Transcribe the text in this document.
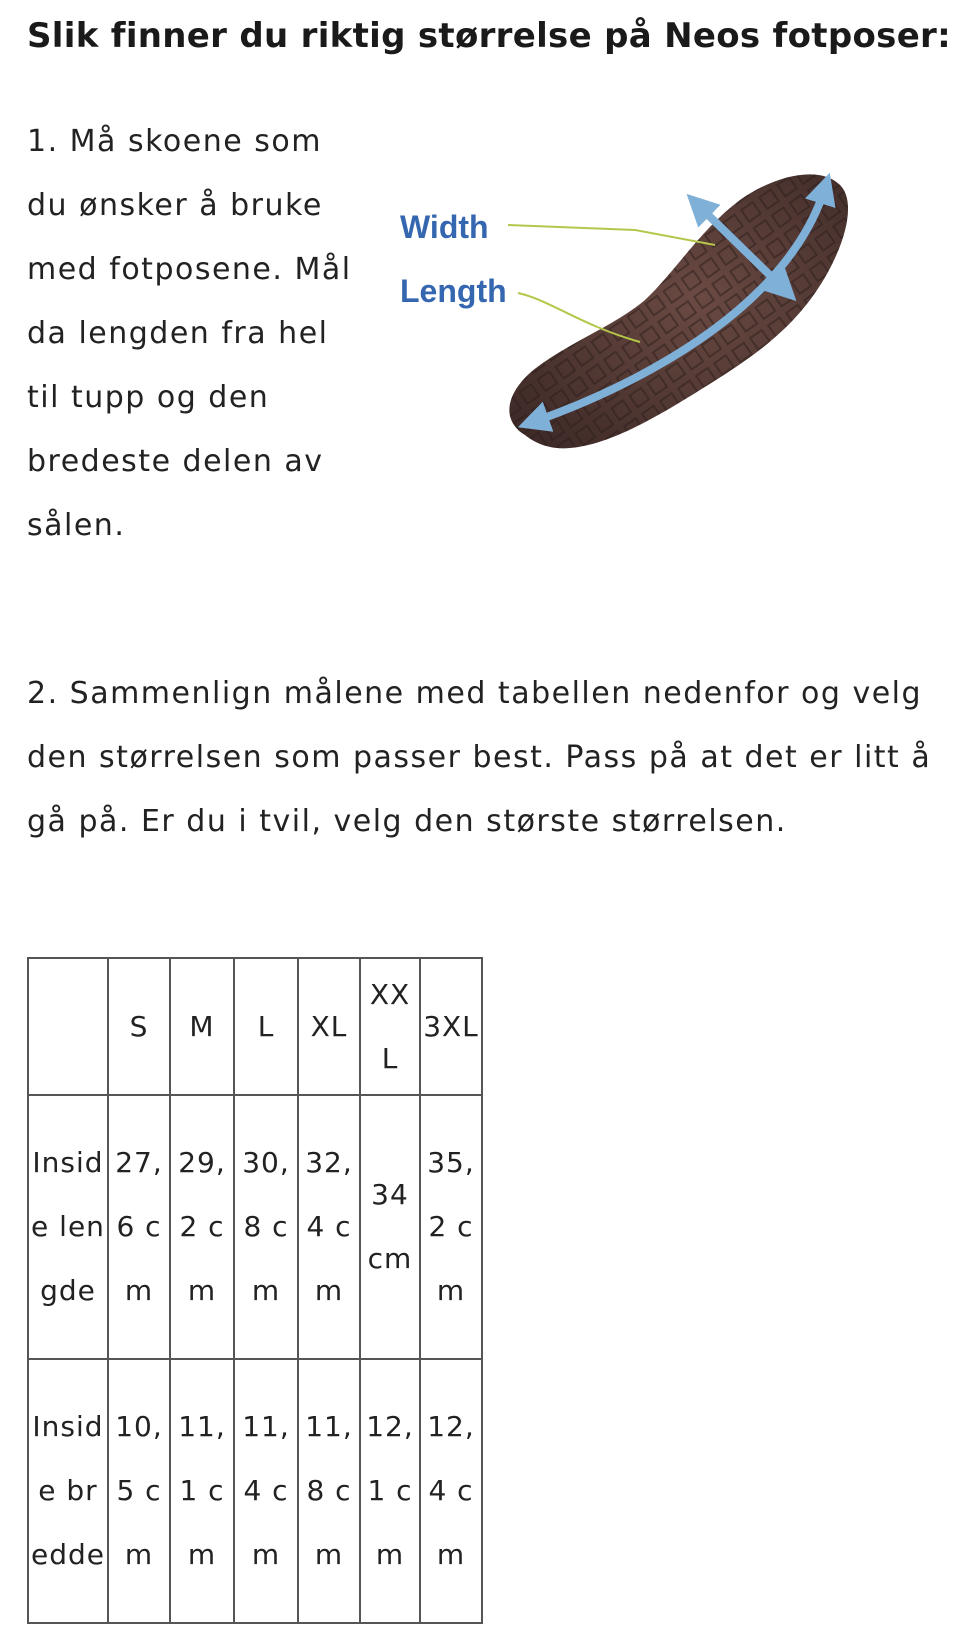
Slik finner du riktig størrelse på Neos fotposer:

1. Må skoene som du ønsker å bruke med fotposene. Mål da lengden fra hel til tupp og den bredeste delen av sålen.

Width
Length

2. Sammenlign målene med tabellen nedenfor og velg den størrelsen som passer best. Pass på at det er litt å gå på. Er du i tvil, velg den største størrelsen.

	S	M	L	XL	XXL	3XL
Inside lengde	27,6 cm	29,2 cm	30,8 cm	32,4 cm	34 cm	35,2 cm
Inside bredde	10,5 cm	11,1 cm	11,4 cm	11,8 cm	12,1 cm	12,4 cm
